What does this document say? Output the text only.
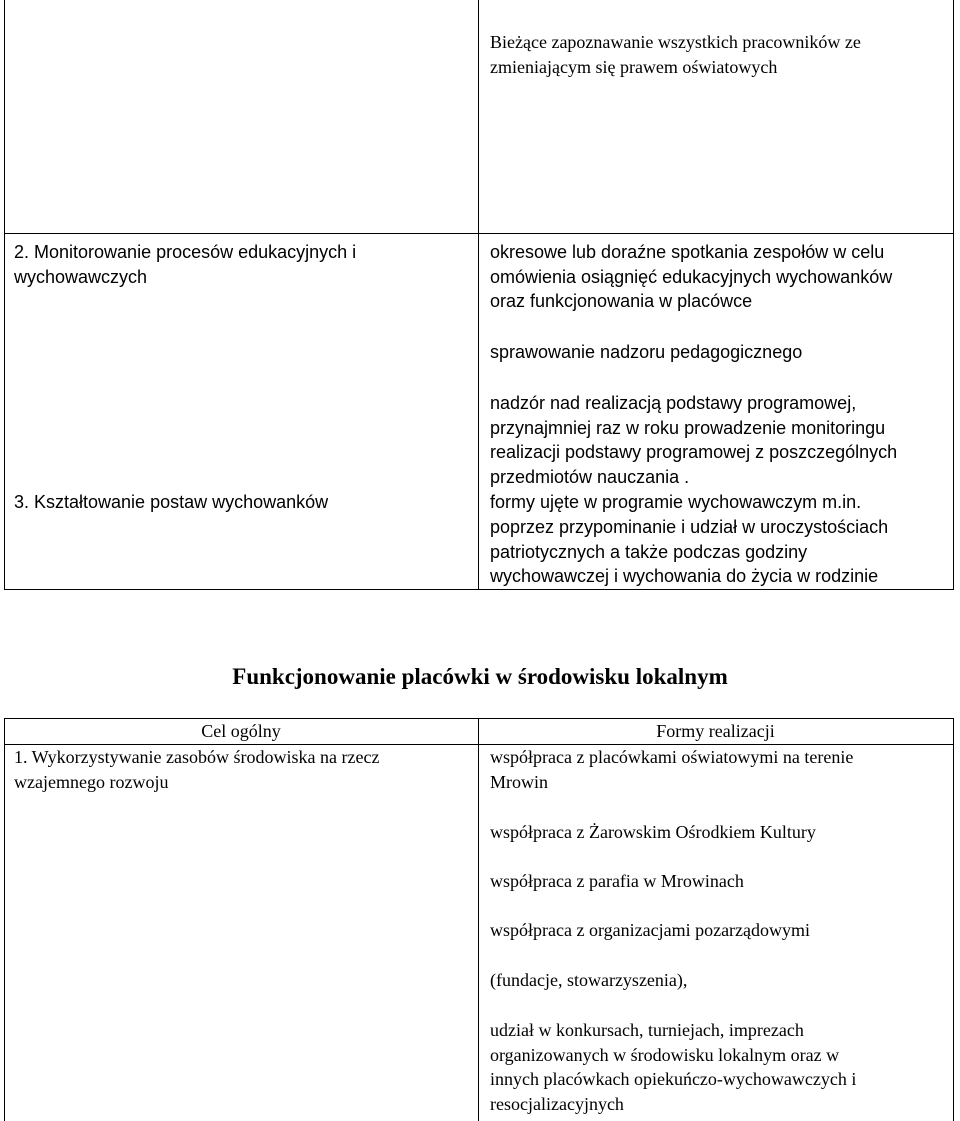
Bieżące zapoznawanie wszystkich pracowników ze
zmieniającym się prawem oświatowych
2. Monitorowanie procesów edukacyjnych i
wychowawczych
okresowe lub doraźne spotkania zespołów w celu
omówienia osiągnięć edukacyjnych wychowanków
oraz funkcjonowania w placówce
sprawowanie nadzoru pedagogicznego
nadzór nad realizacją podstawy programowej,
przynajmniej raz w roku prowadzenie monitoringu
realizacji podstawy programowej z poszczególnych
przedmiotów nauczania .
3. Kształtowanie postaw wychowanków	formy ujęte w programie wychowawczym m.in.
poprzez przypominanie i udział w uroczystościach
patriotycznych a także podczas godziny
wychowawczej i wychowania do życia w rodzinie
Funkcjonowanie placówki w środowisku lokalnym
Cel ogólny	Formy realizacji
1. Wykorzystywanie zasobów środowiska na rzecz
wzajemnego rozwoju
współpraca z placówkami oświatowymi na terenie
Mrowin
współpraca z Żarowskim Ośrodkiem Kultury
współpraca z parafia w Mrowinach
współpraca z organizacjami pozarządowymi
(fundacje, stowarzyszenia),
udział w konkursach, turniejach, imprezach
organizowanych w środowisku lokalnym oraz w
innych placówkach opiekuńczo-wychowawczych i
resocjalizacyjnych
